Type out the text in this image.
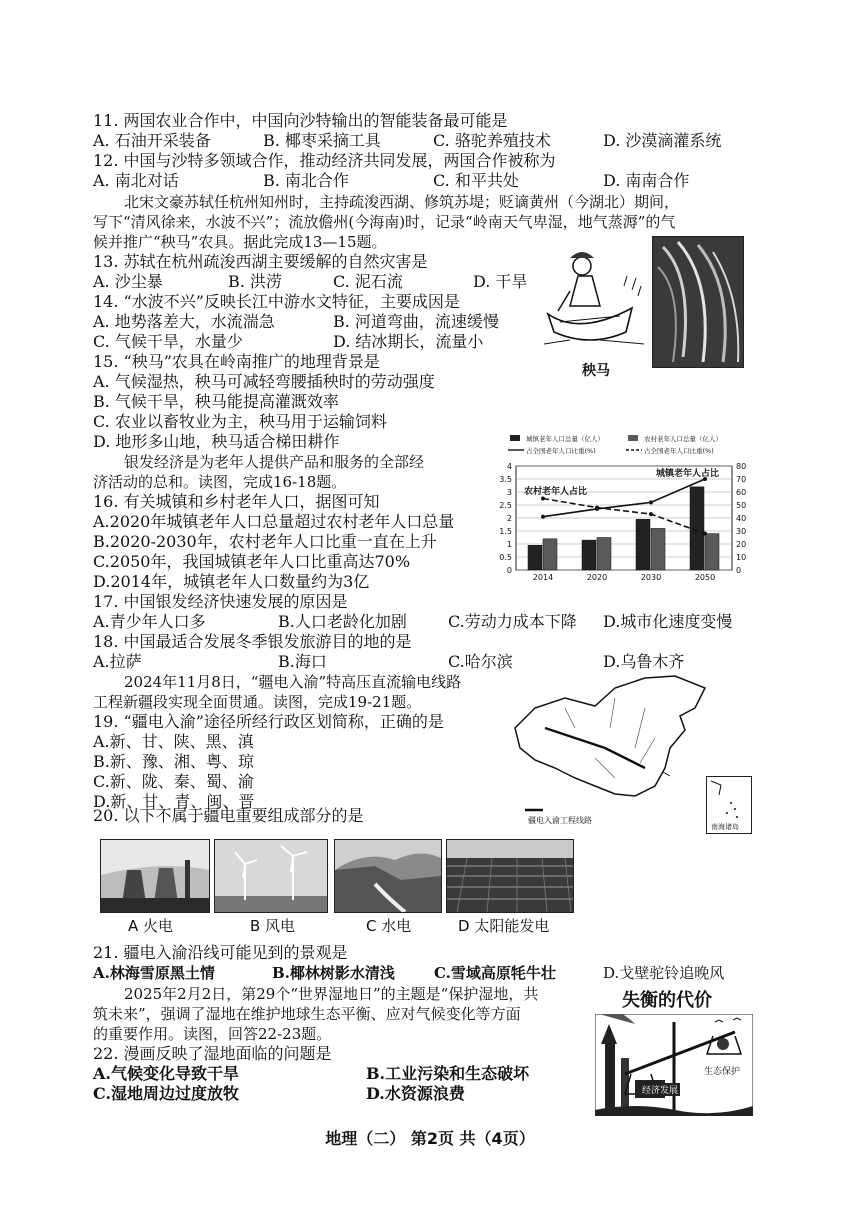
11. 两国农业合作中，中国向沙特输出的智能装备最可能是
A. 石油开采装备	B. 椰枣采摘工具	C. 骆驼养殖技术	D. 沙漠滴灌系统
12. 中国与沙特多领域合作，推动经济共同发展，两国合作被称为
A. 南北对话	B. 南北合作	C. 和平共处	D. 南南合作
北宋文豪苏轼任杭州知州时，主持疏浚西湖、修筑苏堤；贬谪黄州（今湖北）期间，
写下“清风徐来，水波不兴”；流放儋州(今海南)时，记录“岭南天气卑湿，地气蒸溽”的气
候并推广“秧马”农具。据此完成13—15题。
13. 苏轼在杭州疏浚西湖主要缓解的自然灾害是
A. 沙尘暴	B. 洪涝	C. 泥石流	D. 干旱
14. “水波不兴”反映长江中游水文特征，主要成因是
A. 地势落差大，水流湍急	B. 河道弯曲，流速缓慢
C. 气候干旱，水量少	D. 结冰期长，流量小
15. “秧马”农具在岭南推广的地理背景是
A. 气候湿热，秧马可减轻弯腰插秧时的劳动强度
B. 气候干旱，秧马能提高灌溉效率
C. 农业以畜牧业为主，秧马用于运输饲料
D. 地形多山地，秧马适合梯田耕作
秧马
银发经济是为老年人提供产品和服务的全部经
济活动的总和。读图，完成16-18题。
16. 有关城镇和乡村老年人口，据图可知
A.2020年城镇老年人口总量超过农村老年人口总量
B.2020-2030年，农村老年人口比重一直在上升
C.2050年，我国城镇老年人口比重高达70%
D.2014年，城镇老年人口数量约为3亿
0
0.5
1
1.5
2
2.5
3
3.5
4
0
10
20
30
40
50
60
70
80
2014	2020	2030	2050
城镇老年人口总量（亿人）	农村老年人口总量（亿人）
占全国老年人口比重(%)	占全国老年人口比重(%)
城镇老年人占比
农村老年人占比
17. 中国银发经济快速发展的原因是
A.青少年人口多	B.人口老龄化加剧	C.劳动力成本下降 D.城市化速度变慢
18. 中国最适合发展冬季银发旅游目的地的是
A.拉萨	B.海口	C.哈尔滨	D.乌鲁木齐
2024年11月8日，“疆电入渝”特高压直流输电线路
工程新疆段实现全面贯通。读图，完成19-21题。
19. “疆电入渝”途径所经行政区划简称，正确的是
A.新、甘、陕、黑、滇
B.新、豫、湘、粤、琼
C.新、陇、秦、蜀、渝
D.新、甘、青、闽、晋
疆电入渝工程线路
南海诸岛
20. 以下不属于疆电重要组成部分的是
A 火电	B 风电	C 水电	D 太阳能发电
21. 疆电入渝沿线可能见到的景观是
A.林海雪原黑土情	B.椰林树影水清浅	C.雪域高原牦牛壮	D.戈壁驼铃追晚风
2025年2月2日，第29个“世界湿地日”的主题是“保护湿地，共
筑未来”，强调了湿地在维护地球生态平衡、应对气候变化等方面
的重要作用。读图，回答22-23题。
失衡的代价
经济发展
生态保护
22. 漫画反映了湿地面临的问题是
A.气候变化导致干旱	B.工业污染和生态破坏
C.湿地周边过度放牧	D.水资源浪费
地理（二） 第2页 共（4页）
